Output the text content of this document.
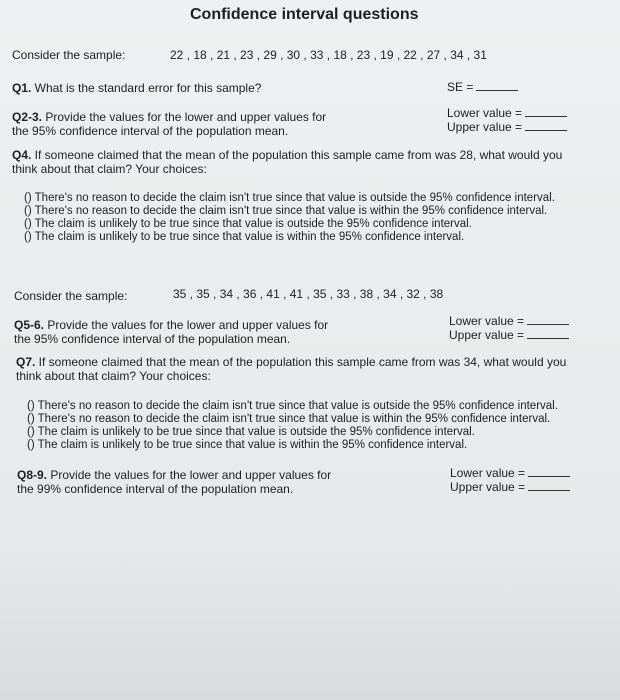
Confidence interval questions
Consider the sample:	22 , 18 , 21 , 23 , 29 , 30 , 33 , 18 , 23 , 19 , 22 , 27 , 34 , 31
Q1. What is the standard error for this sample?	SE =
Q2-3. Provide the values for the lower and upper values for
the 95% confidence interval of the population mean.
Lower value =
Upper value =
Q4. If someone claimed that the mean of the population this sample came from was 28, what would you
think about that claim? Your choices:
() There's no reason to decide the claim isn't true since that value is outside the 95% confidence interval.
() There's no reason to decide the claim isn't true since that value is within the 95% confidence interval.
() The claim is unlikely to be true since that value is outside the 95% confidence interval.
() The claim is unlikely to be true since that value is within the 95% confidence interval.
Consider the sample:	35 , 35 , 34 , 36 , 41 , 41 , 35 , 33 , 38 , 34 , 32 , 38
Q5-6. Provide the values for the lower and upper values for
the 95% confidence interval of the population mean.
Lower value =
Upper value =
Q7. If someone claimed that the mean of the population this sample came from was 34, what would you
think about that claim? Your choices:
() There's no reason to decide the claim isn't true since that value is outside the 95% confidence interval.
() There's no reason to decide the claim isn't true since that value is within the 95% confidence interval.
() The claim is unlikely to be true since that value is outside the 95% confidence interval.
() The claim is unlikely to be true since that value is within the 95% confidence interval.
Q8-9. Provide the values for the lower and upper values for
the 99% confidence interval of the population mean.
Lower value =
Upper value =
